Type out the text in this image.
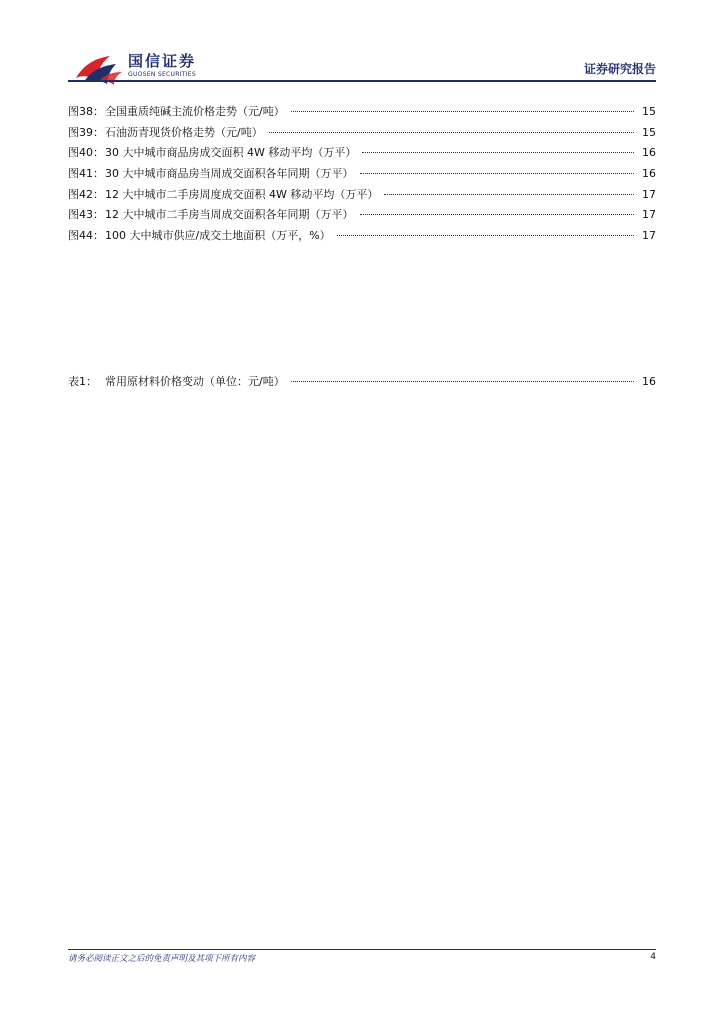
国信证券
GUOSEN SECURITIES	证券研究报告
图38： 全国重质纯碱主流价格走势（元/吨）	15
图39： 石油沥青现货价格走势（元/吨）	15
图40： 30 大中城市商品房成交面积 4W 移动平均（万平）	16
图41： 30 大中城市商品房当周成交面积各年同期（万平）	16
图42： 12 大中城市二手房周度成交面积 4W 移动平均（万平）	17
图43： 12 大中城市二手房当周成交面积各年同期（万平）	17
图44： 100 大中城市供应/成交土地面积（万平，%）	17
表1： 常用原材料价格变动（单位：元/吨）	16
请务必阅读正文之后的免责声明及其项下所有内容	4
